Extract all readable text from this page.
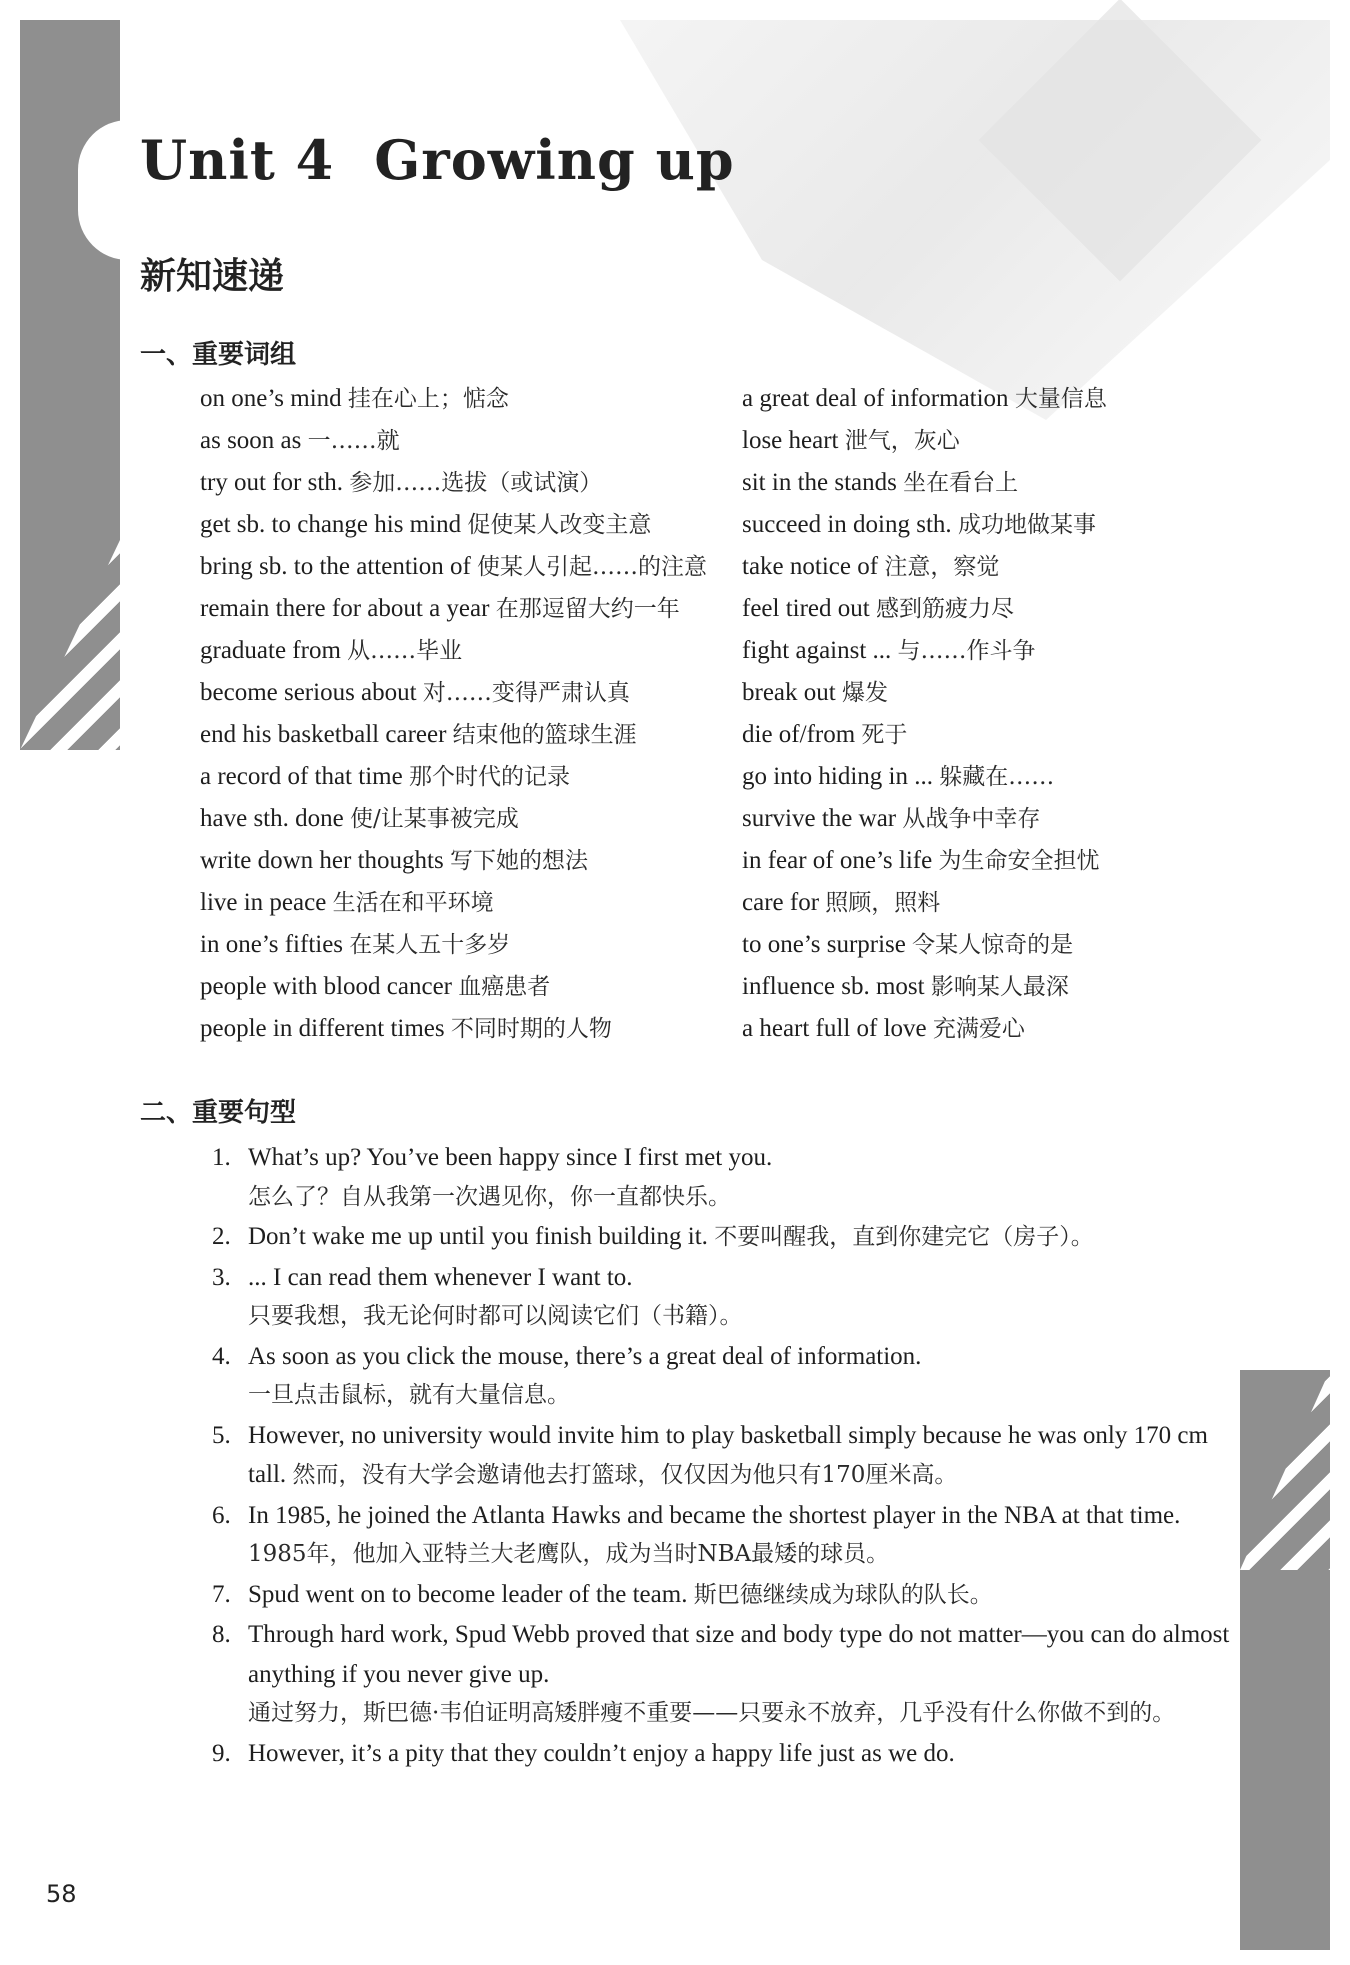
Unit 4 Growing up
新知速递
一、重要词组
on one’s mind 挂在心上；惦念
as soon as 一……就
try out for sth. 参加……选拔（或试演）
get sb. to change his mind 促使某人改变主意
bring sb. to the attention of 使某人引起……的注意
remain there for about a year 在那逗留大约一年
graduate from 从……毕业
become serious about 对……变得严肃认真
end his basketball career 结束他的篮球生涯
a record of that time 那个时代的记录
have sth. done 使/让某事被完成
write down her thoughts 写下她的想法
live in peace 生活在和平环境
in one’s fifties 在某人五十多岁
people with blood cancer 血癌患者
people in different times 不同时期的人物
a great deal of information 大量信息
lose heart 泄气，灰心
sit in the stands 坐在看台上
succeed in doing sth. 成功地做某事
take notice of 注意，察觉
feel tired out 感到筋疲力尽
fight against ... 与……作斗争
break out 爆发
die of/from 死于
go into hiding in ... 躲藏在……
survive the war 从战争中幸存
in fear of one’s life 为生命安全担忧
care for 照顾，照料
to one’s surprise 令某人惊奇的是
influence sb. most 影响某人最深
a heart full of love 充满爱心
二、重要句型
1. What’s up? You’ve been happy since I first met you.
怎么了？自从我第一次遇见你，你一直都快乐。
2. Don’t wake me up until you finish building it. 不要叫醒我，直到你建完它（房子）。
3. ... I can read them whenever I want to.
只要我想，我无论何时都可以阅读它们（书籍）。
4. As soon as you click the mouse, there’s a great deal of information.
一旦点击鼠标，就有大量信息。
5. However, no university would invite him to play basketball simply because he was only 170 cm tall. 然而，没有大学会邀请他去打篮球，仅仅因为他只有170厘米高。
6. In 1985, he joined the Atlanta Hawks and became the shortest player in the NBA at that time.
1985年，他加入亚特兰大老鹰队，成为当时NBA最矮的球员。
7. Spud went on to become leader of the team. 斯巴德继续成为球队的队长。
8. Through hard work, Spud Webb proved that size and body type do not matter—you can do almost anything if you never give up.
通过努力，斯巴德·韦伯证明高矮胖瘦不重要——只要永不放弃，几乎没有什么你做不到的。
9. However, it’s a pity that they couldn’t enjoy a happy life just as we do.
58
